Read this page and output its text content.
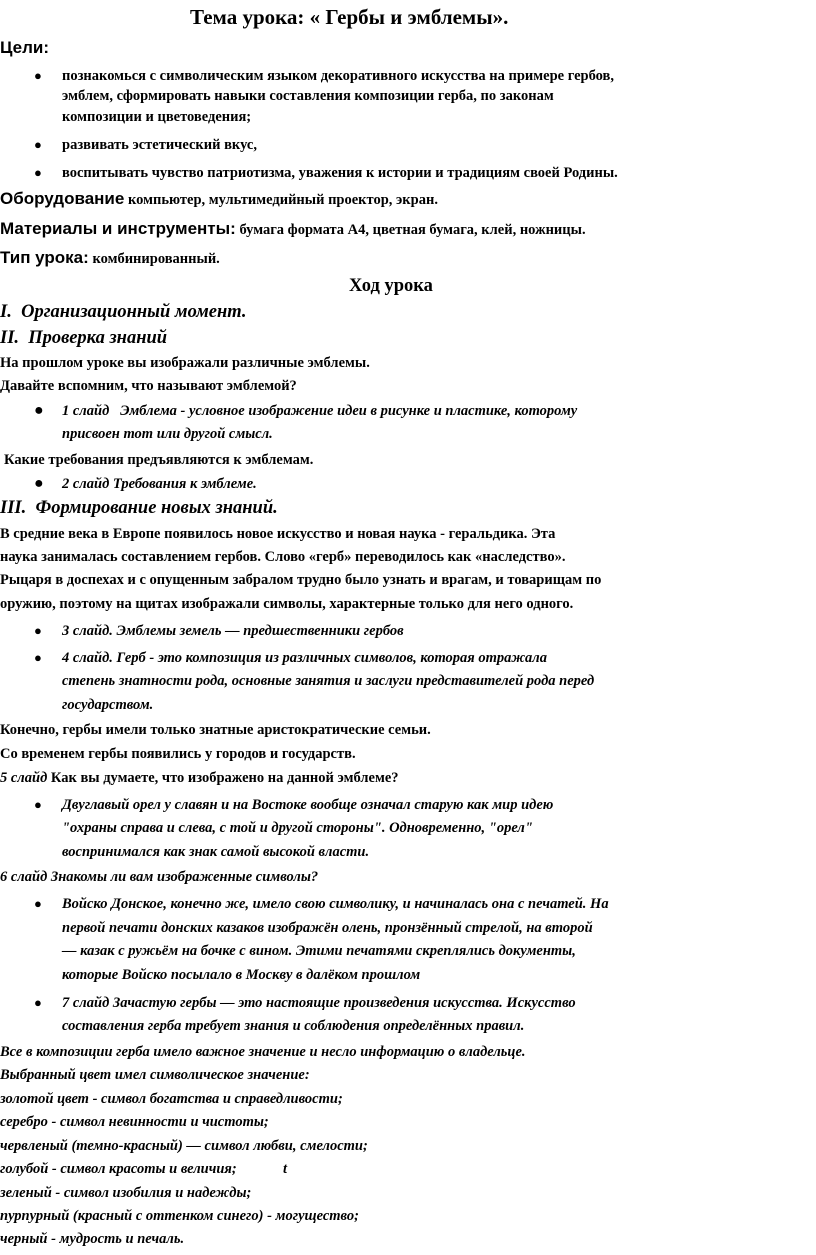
Тема урока: « Гербы и эмблемы».
Цели:
● познакомься с символическим языком декоративного искусства на примере гербов,
эмблем, сформировать навыки составления композиции герба, по законам
композиции и цветоведения;
● развивать эстетический вкус,
● воспитывать чувство патриотизма, уважения к истории и традициям своей Родины.
Оборудование компьютер, мультимедийный проектор, экран.
Материалы и инструменты: бумага формата А4, цветная бумага, клей, ножницы.
Тип урока: комбинированный.
Ход урока
I. Организационный момент.
II. Проверка знаний
На прошлом уроке вы изображали различные эмблемы.
Давайте вспомним, что называют эмблемой?
● 1 слайд Эмблема - условное изображение идеи в рисунке и пластике, которому
присвоен тот или другой смысл.
Какие требования предъявляются к эмблемам.
● 2 слайд Требования к эмблеме.
III. Формирование новых знаний.
В средние века в Европе появилось новое искусство и новая наука - геральдика. Эта
наука занималась составлением гербов. Слово «герб» переводилось как «наследство».
Рыцаря в доспехах и с опущенным забралом трудно было узнать и врагам, и товарищам по
оружию, поэтому на щитах изображали символы, характерные только для него одного.
● 3 слайд. Эмблемы земель — предшественники гербов
● 4 слайд. Герб - это композиция из различных символов, которая отражала
степень знатности рода, основные занятия и заслуги представителей рода перед
государством.
Конечно, гербы имели только знатные аристократические семьи.
Со временем гербы появились у городов и государств.
5 слайд Как вы думаете, что изображено на данной эмблеме?
● Двуглавый орел у славян и на Востоке вообще означал старую как мир идею
"охраны справа и слева, с той и другой стороны". Одновременно, "орел"
воспринимался как знак самой высокой власти.
6 слайд Знакомы ли вам изображенные символы?
● Войско Донское, конечно же, имело свою символику, и начиналась она с печатей. На
первой печати донских казаков изображён олень, пронзённый стрелой, на второй
— казак с ружьём на бочке с вином. Этими печатями скреплялись документы,
которые Войско посылало в Москву в далёком прошлом
● 7 слайд Зачастую гербы — это настоящие произведения искусства. Искусство
составления герба требует знания и соблюдения определённых правил.
Все в композиции герба имело важное значение и несло информацию о владельце.
Выбранный цвет имел символическое значение:
золотой цвет - символ богатства и справедливости;
серебро - символ невинности и чистоты;
червленый (темно-красный) — символ любви, смелости;
голубой - символ красоты и величия;	t
зеленый - символ изобилия и надежды;
пурпурный (красный с оттенком синего) - могущество;
черный - мудрость и печаль.
